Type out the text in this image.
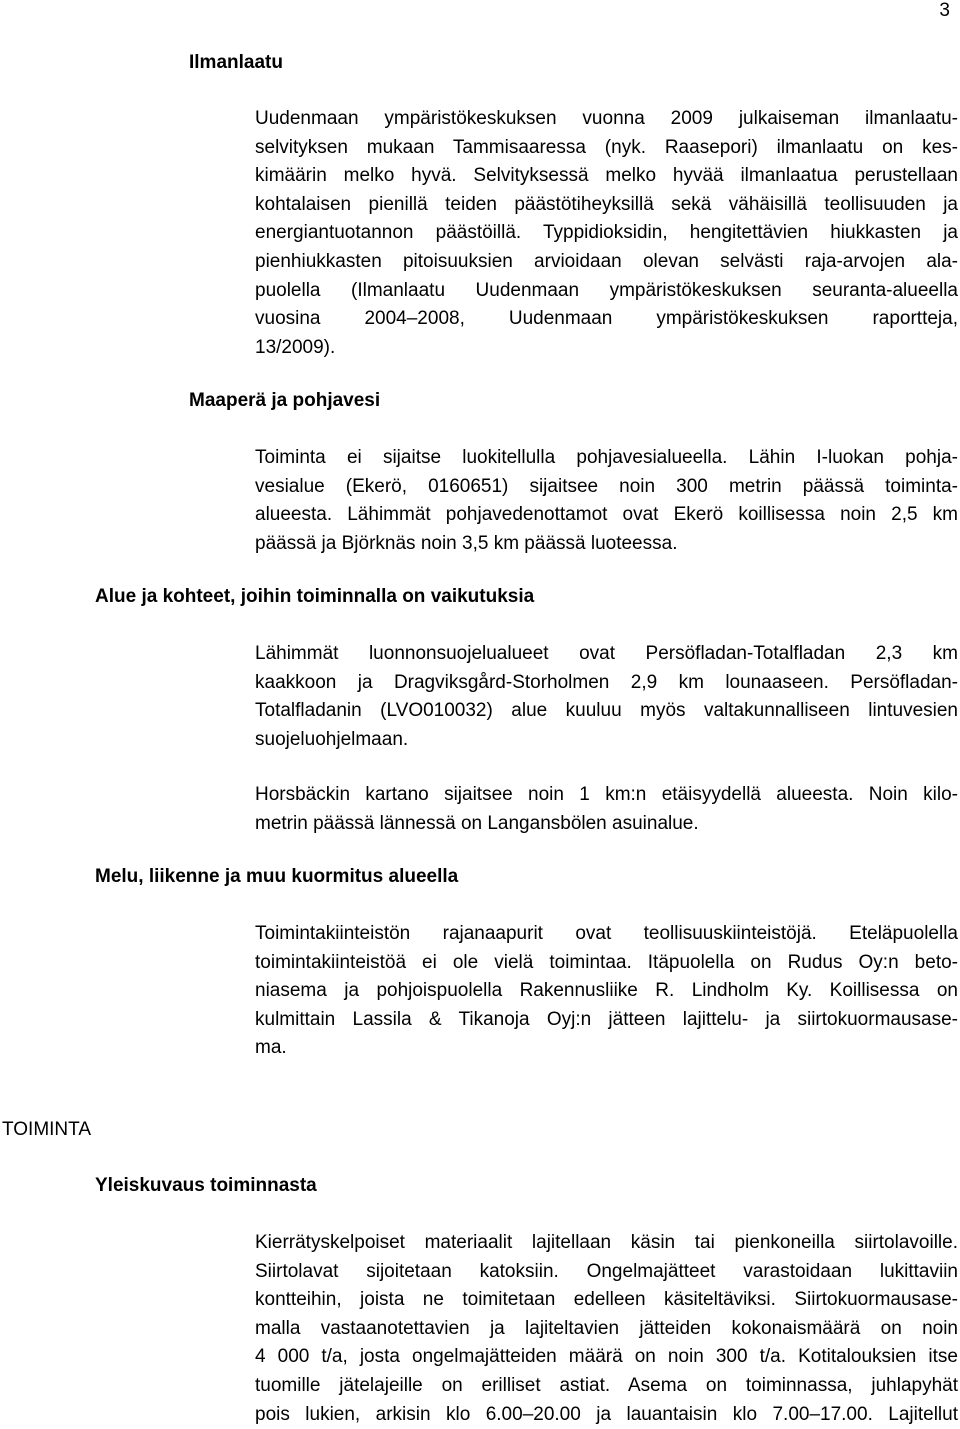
3
Ilmanlaatu
Uudenmaan ympäristökeskuksen vuonna 2009 julkaiseman ilmanlaatu-
selvityksen mukaan Tammisaaressa (nyk. Raasepori) ilmanlaatu on kes-
kimäärin melko hyvä. Selvityksessä melko hyvää ilmanlaatua perustellaan
kohtalaisen pienillä teiden päästötiheyksillä sekä vähäisillä teollisuuden ja
energiantuotannon päästöillä. Typpidioksidin, hengitettävien hiukkasten ja
pienhiukkasten pitoisuuksien arvioidaan olevan selvästi raja-arvojen ala-
puolella (Ilmanlaatu Uudenmaan ympäristökeskuksen seuranta-alueella
vuosina 2004–2008, Uudenmaan ympäristökeskuksen raportteja,
13/2009).
Maaperä ja pohjavesi
Toiminta ei sijaitse luokitellulla pohjavesialueella. Lähin I-luokan pohja-
vesialue (Ekerö, 0160651) sijaitsee noin 300 metrin päässä toiminta-
alueesta. Lähimmät pohjavedenottamot ovat Ekerö koillisessa noin 2,5 km
päässä ja Björknäs noin 3,5 km päässä luoteessa.
Alue ja kohteet, joihin toiminnalla on vaikutuksia
Lähimmät luonnonsuojelualueet ovat Persöfladan-Totalfladan 2,3 km
kaakkoon ja Dragviksgård-Storholmen 2,9 km lounaaseen. Persöfladan-
Totalfladanin (LVO010032) alue kuuluu myös valtakunnalliseen lintuvesien
suojeluohjelmaan.
Horsbäckin kartano sijaitsee noin 1 km:n etäisyydellä alueesta. Noin kilo-
metrin päässä lännessä on Langansbölen asuinalue.
Melu, liikenne ja muu kuormitus alueella
Toimintakiinteistön rajanaapurit ovat teollisuuskiinteistöjä. Eteläpuolella
toimintakiinteistöä ei ole vielä toimintaa. Itäpuolella on Rudus Oy:n beto-
niasema ja pohjoispuolella Rakennusliike R. Lindholm Ky. Koillisessa on
kulmittain Lassila & Tikanoja Oyj:n jätteen lajittelu- ja siirtokuormausase-
ma.
TOIMINTA
Yleiskuvaus toiminnasta
Kierrätyskelpoiset materiaalit lajitellaan käsin tai pienkoneilla siirtolavoille.
Siirtolavat sijoitetaan katoksiin. Ongelmajätteet varastoidaan lukittaviin
kontteihin, joista ne toimitetaan edelleen käsiteltäviksi. Siirtokuormausase-
malla vastaanotettavien ja lajiteltavien jätteiden kokonaismäärä on noin
4 000 t/a, josta ongelmajätteiden määrä on noin 300 t/a. Kotitalouksien itse
tuomille jätelajeille on erilliset astiat. Asema on toiminnassa, juhlapyhät
pois lukien, arkisin klo 6.00–20.00 ja lauantaisin klo 7.00–17.00. Lajitellut
